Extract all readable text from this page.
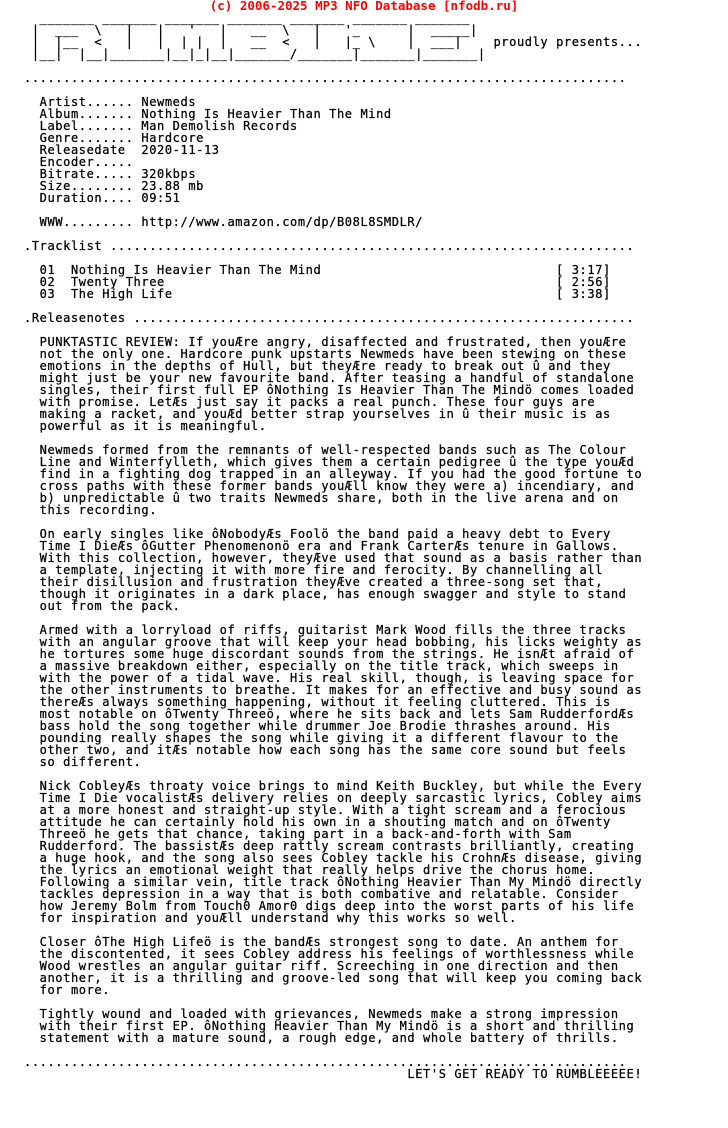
(c) 2006-2025 MP3 NFO Database [nfodb.ru]
_______ _______ _______ _______ _______ _______ _______
|  ___  \   |   |   '   |   __  \   |   '_      |  _____|
|  |__  <   |   |  | |  |   __  <   |   |_ \    |  ___|    proudly presents...
|__|  |__|_______|__|_|__|_______/_______|_______|_______|
.............................................................................
Artist...... Newmeds
Album....... Nothing Is Heavier Than The Mind
Label....... Man Demolish Records
Genre....... Hardcore
Releasedate  2020-11-13
Encoder.....
Bitrate..... 320kbps
Size........ 23.88 mb
Duration.... 09:51
WWW......... http://www.amazon.com/dp/B08L8SMDLR/
.Tracklist ...................................................................
01  Nothing Is Heavier Than The Mind                              [ 3:17]
02  Twenty Three                                                  [ 2:56]
03  The High Life                                                 [ 3:38]
.Releasenotes ................................................................
PUNKTASTIC REVIEW: If youÆre angry, disaffected and frustrated, then youÆre
not the only one. Hardcore punk upstarts Newmeds have been stewing on these
emotions in the depths of Hull, but theyÆre ready to break out û and they
might just be your new favourite band. After teasing a handful of standalone
singles, their first full EP ôNothing Is Heavier Than The Mindö comes loaded
with promise. LetÆs just say it packs a real punch. These four guys are
making a racket, and youÆd better strap yourselves in û their music is as
powerful as it is meaningful.
Newmeds formed from the remnants of well-respected bands such as The Colour
Line and Winterfylleth, which gives them a certain pedigree û the type youÆd
find in a fighting dog trapped in an alleyway. If you had the good fortune to
cross paths with these former bands youÆll know they were a) incendiary, and
b) unpredictable û two traits Newmeds share, both in the live arena and on
this recording.
On early singles like ôNobodyÆs Foolö the band paid a heavy debt to Every
Time I DieÆs ôGutter Phenomenonö era and Frank CarterÆs tenure in Gallows.
With this collection, however, theyÆve used that sound as a basis rather than
a template, injecting it with more fire and ferocity. By channelling all
their disillusion and frustration theyÆve created a three-song set that,
though it originates in a dark place, has enough swagger and style to stand
out from the pack.
Armed with a lorryload of riffs, guitarist Mark Wood fills the three tracks
with an angular groove that will keep your head bobbing, his licks weighty as
he tortures some huge discordant sounds from the strings. He isnÆt afraid of
a massive breakdown either, especially on the title track, which sweeps in
with the power of a tidal wave. His real skill, though, is leaving space for
the other instruments to breathe. It makes for an effective and busy sound as
thereÆs always something happening, without it feeling cluttered. This is
most notable on ôTwenty Threeö, where he sits back and lets Sam RudderfordÆs
bass hold the song together while drummer Joe Brodie thrashes around. His
pounding really shapes the song while giving it a different flavour to the
other two, and itÆs notable how each song has the same core sound but feels
so different.
Nick CobleyÆs throaty voice brings to mind Keith Buckley, but while the Every
Time I Die vocalistÆs delivery relies on deeply sarcastic lyrics, Cobley aims
at a more honest and straight-up style. With a tight scream and a ferocious
attitude he can certainly hold his own in a shouting match and on ôTwenty
Threeö he gets that chance, taking part in a back-and-forth with Sam
Rudderford. The bassistÆs deep rattly scream contrasts brilliantly, creating
a huge hook, and the song also sees Cobley tackle his CrohnÆs disease, giving
the lyrics an emotional weight that really helps drive the chorus home.
Following a similar vein, title track ôNothing Heavier Than My Mindö directly
tackles depression in a way that is both combative and relatable. Consider
how Jeremy Bolm from Touch0 Amor0 digs deep into the worst parts of his life
for inspiration and youÆll understand why this works so well.
Closer ôThe High Lifeö is the bandÆs strongest song to date. An anthem for
the discontented, it sees Cobley address his feelings of worthlessness while
Wood wrestles an angular guitar riff. Screeching in one direction and then
another, it is a thrilling and groove-led song that will keep you coming back
for more.
Tightly wound and loaded with grievances, Newmeds make a strong impression
with their first EP. ôNothing Heavier Than My Mindö is a short and thrilling
statement with a mature sound, a rough edge, and whole battery of thrills.
.............................................................................
LET'S GET READY TO RUMBLEEEEE!
